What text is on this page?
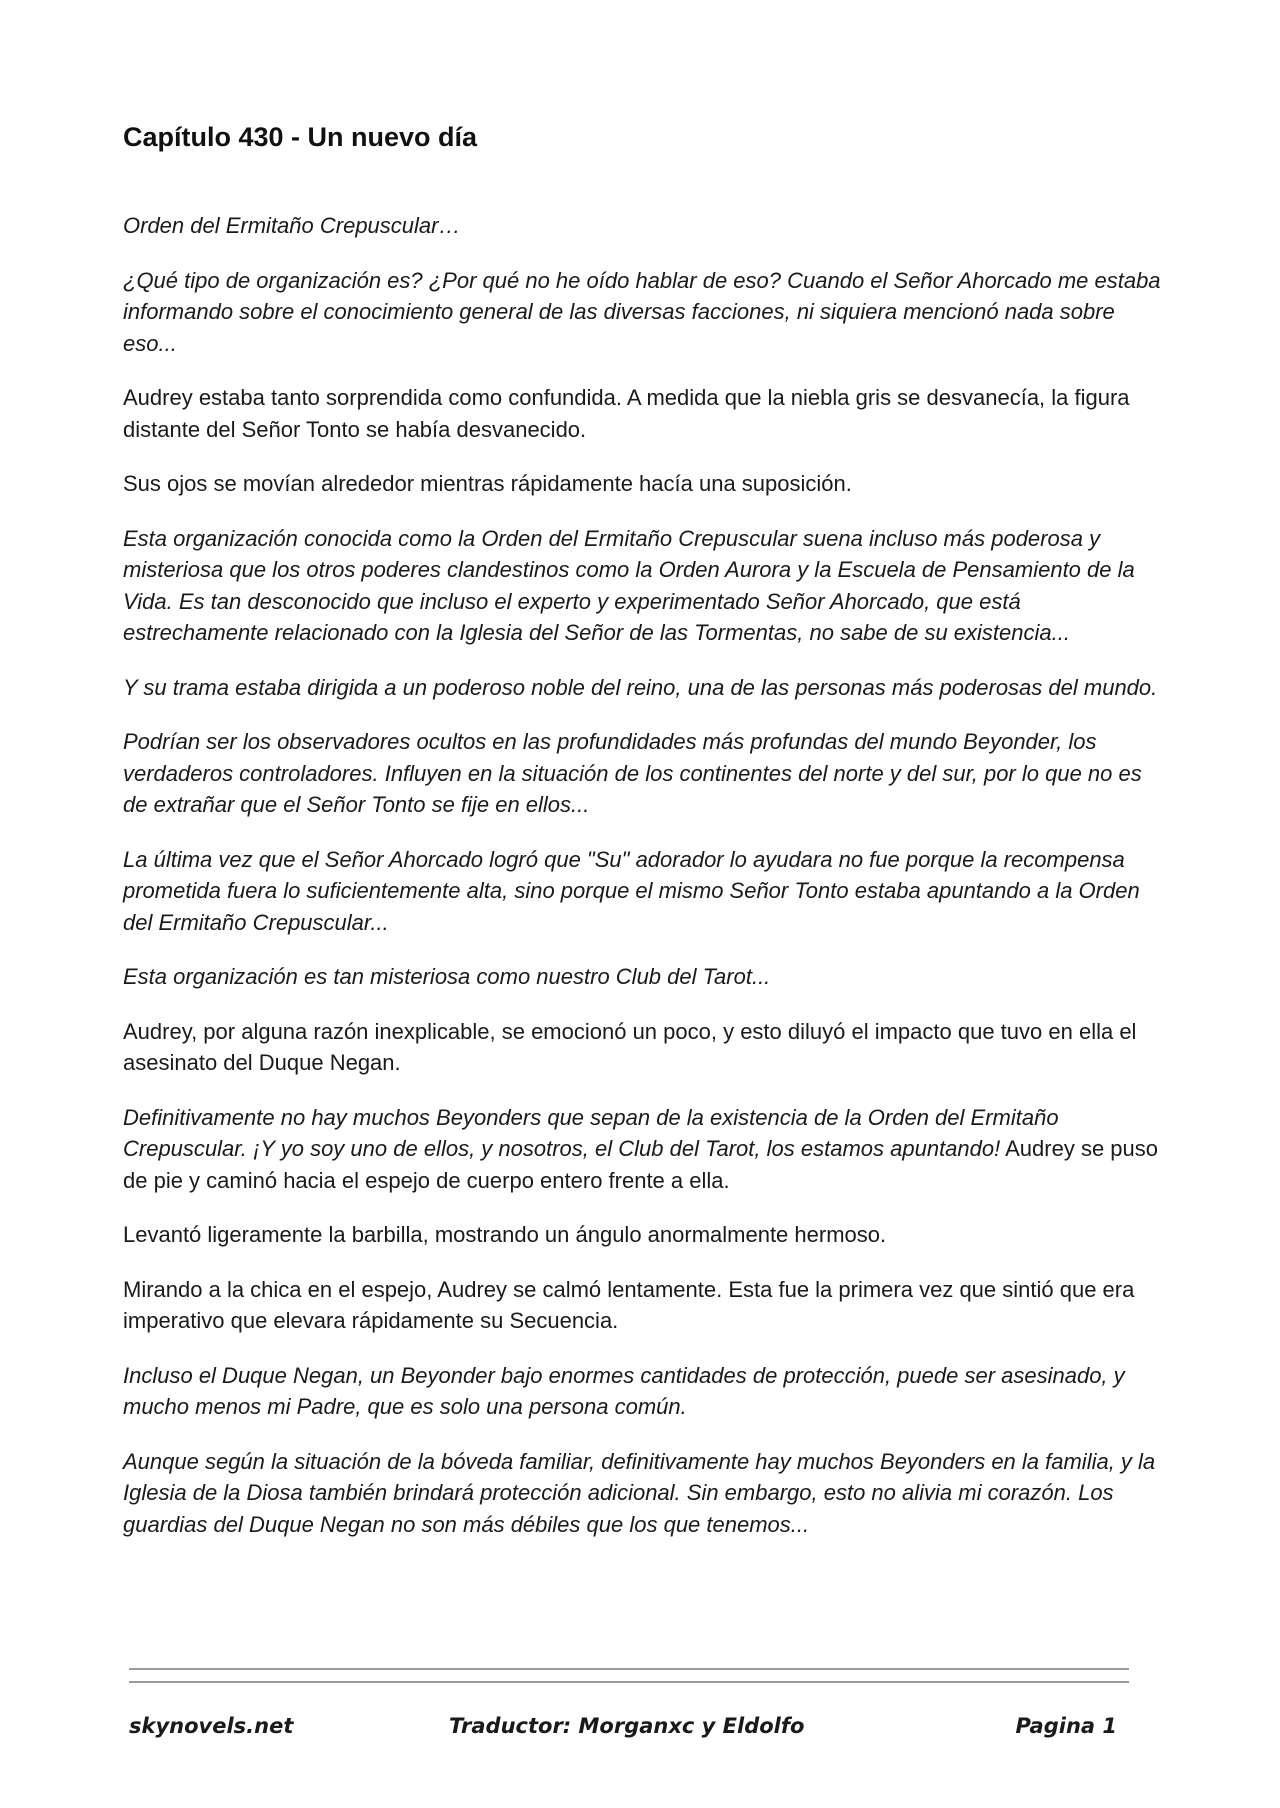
Capítulo 430 - Un nuevo día

Orden del Ermitaño Crepuscular…

¿Qué tipo de organización es? ¿Por qué no he oído hablar de eso? Cuando el Señor Ahorcado me estaba informando sobre el conocimiento general de las diversas facciones, ni siquiera mencionó nada sobre eso...

Audrey estaba tanto sorprendida como confundida. A medida que la niebla gris se desvanecía, la figura distante del Señor Tonto se había desvanecido.

Sus ojos se movían alrededor mientras rápidamente hacía una suposición.

Esta organización conocida como la Orden del Ermitaño Crepuscular suena incluso más poderosa y misteriosa que los otros poderes clandestinos como la Orden Aurora y la Escuela de Pensamiento de la Vida. Es tan desconocido que incluso el experto y experimentado Señor Ahorcado, que está estrechamente relacionado con la Iglesia del Señor de las Tormentas, no sabe de su existencia...

Y su trama estaba dirigida a un poderoso noble del reino, una de las personas más poderosas del mundo.

Podrían ser los observadores ocultos en las profundidades más profundas del mundo Beyonder, los verdaderos controladores. Influyen en la situación de los continentes del norte y del sur, por lo que no es de extrañar que el Señor Tonto se fije en ellos...

La última vez que el Señor Ahorcado logró que "Su" adorador lo ayudara no fue porque la recompensa prometida fuera lo suficientemente alta, sino porque el mismo Señor Tonto estaba apuntando a la Orden del Ermitaño Crepuscular...

Esta organización es tan misteriosa como nuestro Club del Tarot...

Audrey, por alguna razón inexplicable, se emocionó un poco, y esto diluyó el impacto que tuvo en ella el asesinato del Duque Negan.

Definitivamente no hay muchos Beyonders que sepan de la existencia de la Orden del Ermitaño Crepuscular. ¡Y yo soy uno de ellos, y nosotros, el Club del Tarot, los estamos apuntando! Audrey se puso de pie y caminó hacia el espejo de cuerpo entero frente a ella.

Levantó ligeramente la barbilla, mostrando un ángulo anormalmente hermoso.

Mirando a la chica en el espejo, Audrey se calmó lentamente. Esta fue la primera vez que sintió que era imperativo que elevara rápidamente su Secuencia.

Incluso el Duque Negan, un Beyonder bajo enormes cantidades de protección, puede ser asesinado, y mucho menos mi Padre, que es solo una persona común.

Aunque según la situación de la bóveda familiar, definitivamente hay muchos Beyonders en la familia, y la Iglesia de la Diosa también brindará protección adicional. Sin embargo, esto no alivia mi corazón. Los guardias del Duque Negan no son más débiles que los que tenemos...

skynovels.net	Traductor: Morganxc y Eldolfo	Pagina 1
